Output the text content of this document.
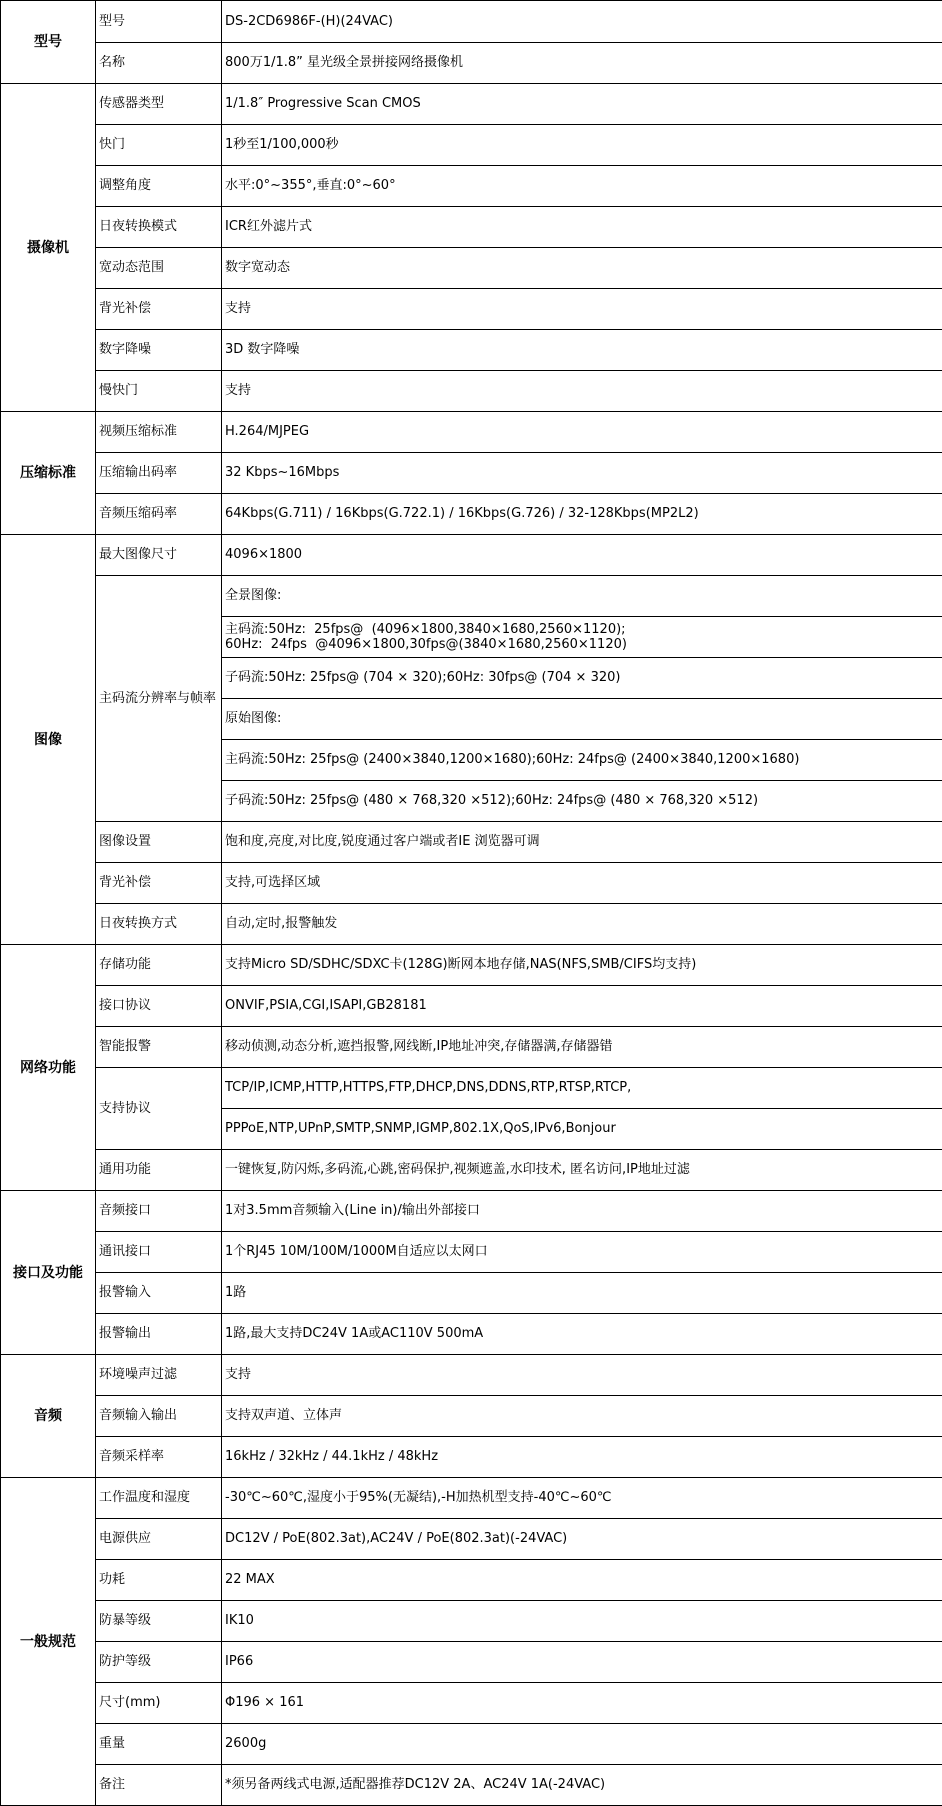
型号	型号	DS-2CD6986F-(H)(24VAC)
	名称	800万1/1.8” 星光级全景拼接网络摄像机
摄像机	传感器类型	1/1.8″ Progressive Scan CMOS
	快门	1秒至1/100,000秒
	调整角度	水平:0°~355°,垂直:0°~60°
	日夜转换模式	ICR红外滤片式
	宽动态范围	数字宽动态
	背光补偿	支持
	数字降噪	3D 数字降噪
	慢快门	支持
压缩标准	视频压缩标准	H.264/MJPEG
	压缩输出码率	32 Kbps~16Mbps
	音频压缩码率	64Kbps(G.711) / 16Kbps(G.722.1) / 16Kbps(G.726) / 32-128Kbps(MP2L2)
图像	最大图像尺寸	4096×1800
	主码流分辨率与帧率	全景图像:
		主码流:50Hz:  25fps@  (4096×1800,3840×1680,2560×1120);
60Hz:  24fps  @4096×1800,30fps@(3840×1680,2560×1120)
		子码流:50Hz: 25fps@ (704 × 320);60Hz: 30fps@ (704 × 320)
		原始图像:
		主码流:50Hz: 25fps@ (2400×3840,1200×1680);60Hz: 24fps@ (2400×3840,1200×1680)
		子码流:50Hz: 25fps@ (480 × 768,320 ×512);60Hz: 24fps@ (480 × 768,320 ×512)
	图像设置	饱和度,亮度,对比度,锐度通过客户端或者IE 浏览器可调
	背光补偿	支持,可选择区域
	日夜转换方式	自动,定时,报警触发
网络功能	存储功能	支持Micro SD/SDHC/SDXC卡(128G)断网本地存储,NAS(NFS,SMB/CIFS均支持)
	接口协议	ONVIF,PSIA,CGI,ISAPI,GB28181
	智能报警	移动侦测,动态分析,遮挡报警,网线断,IP地址冲突,存储器满,存储器错
	支持协议	TCP/IP,ICMP,HTTP,HTTPS,FTP,DHCP,DNS,DDNS,RTP,RTSP,RTCP,
		PPPoE,NTP,UPnP,SMTP,SNMP,IGMP,802.1X,QoS,IPv6,Bonjour
	通用功能	一键恢复,防闪烁,多码流,心跳,密码保护,视频遮盖,水印技术, 匿名访问,IP地址过滤
接口及功能	音频接口	1对3.5mm音频输入(Line in)/输出外部接口
	通讯接口	1个RJ45 10M/100M/1000M自适应以太网口
	报警输入	1路
	报警输出	1路,最大支持DC24V 1A或AC110V 500mA
音频	环境噪声过滤	支持
	音频输入输出	支持双声道、立体声
	音频采样率	16kHz / 32kHz / 44.1kHz / 48kHz
一般规范	工作温度和湿度	-30℃~60℃,湿度小于95%(无凝结),-H加热机型支持-40℃~60℃
	电源供应	DC12V / PoE(802.3at),AC24V / PoE(802.3at)(-24VAC)
	功耗	22 MAX
	防暴等级	IK10
	防护等级	IP66
	尺寸(mm)	Φ196 × 161
	重量	2600g
	备注	*须另备两线式电源,适配器推荐DC12V 2A、AC24V 1A(-24VAC)
